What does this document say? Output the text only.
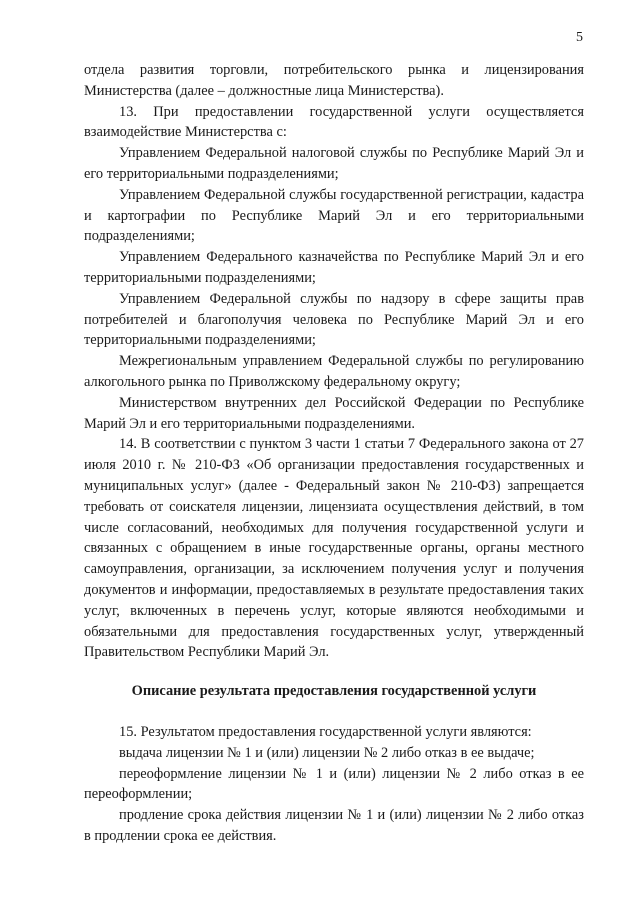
5

отдела развития торговли, потребительского рынка и лицензирования Министерства (далее – должностные лица Министерства).

13. При предоставлении государственной услуги осуществляется взаимодействие Министерства с:

Управлением Федеральной налоговой службы по Республике Марий Эл и его территориальными подразделениями;

Управлением Федеральной службы государственной регистрации, кадастра и картографии по Республике Марий Эл и его территориальными подразделениями;

Управлением Федерального казначейства по Республике Марий Эл и его территориальными подразделениями;

Управлением Федеральной службы по надзору в сфере защиты прав потребителей и благополучия человека по Республике Марий Эл и его территориальными подразделениями;

Межрегиональным управлением Федеральной службы по регулированию алкогольного рынка по Приволжскому федеральному округу;

Министерством внутренних дел Российской Федерации по Республике Марий Эл и его территориальными подразделениями.

14. В соответствии с пунктом 3 части 1 статьи 7 Федерального закона от 27 июля 2010 г. № 210-ФЗ «Об организации предоставления государственных и муниципальных услуг» (далее - Федеральный закон № 210-ФЗ) запрещается требовать от соискателя лицензии, лицензиата осуществления действий, в том числе согласований, необходимых для получения государственной услуги и связанных с обращением в иные государственные органы, органы местного самоуправления, организации, за исключением получения услуг и получения документов и информации, предоставляемых в результате предоставления таких услуг, включенных в перечень услуг, которые являются необходимыми и обязательными для предоставления государственных услуг, утвержденный Правительством Республики Марий Эл.

Описание результата предоставления государственной услуги

15. Результатом предоставления государственной услуги являются:

выдача лицензии № 1 и (или) лицензии № 2 либо отказ в ее выдаче;

переоформление лицензии № 1 и (или) лицензии № 2 либо отказ в ее переоформлении;

продление срока действия лицензии № 1 и (или) лицензии № 2 либо отказ в продлении срока ее действия.
